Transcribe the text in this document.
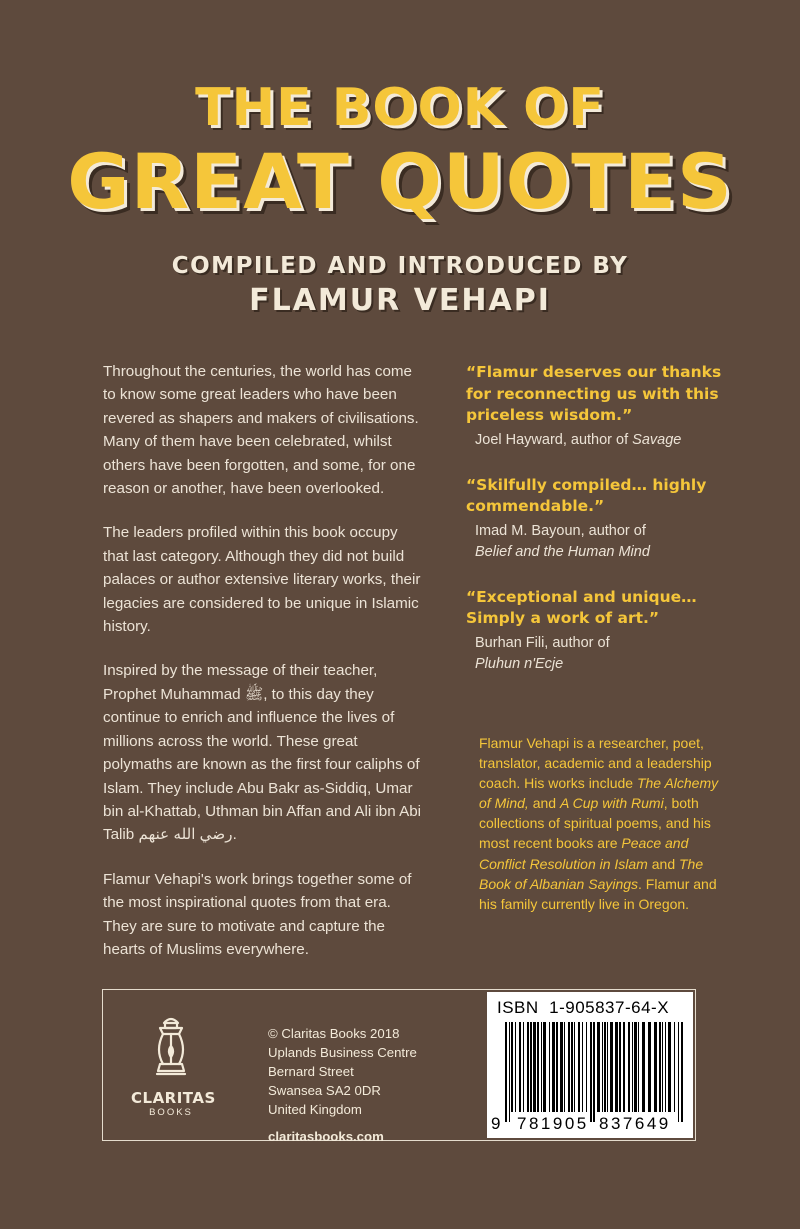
THE BOOK OF
GREAT QUOTES
COMPILED AND INTRODUCED BY
FLAMUR VEHAPI

Throughout the centuries, the world has come to know some great leaders who have been revered as shapers and makers of civilisations. Many of them have been celebrated, whilst others have been forgotten, and some, for one reason or another, have been overlooked.

The leaders profiled within this book occupy that last category. Although they did not build palaces or author extensive literary works, their legacies are considered to be unique in Islamic history.

Inspired by the message of their teacher, Prophet Muhammad ﷺ, to this day they continue to enrich and influence the lives of millions across the world. These great polymaths are known as the first four caliphs of Islam. They include Abu Bakr as-Siddiq, Umar bin al-Khattab, Uthman bin Affan and Ali ibn Abi Talib رضي الله عنهم.

Flamur Vehapi's work brings together some of the most inspirational quotes from that era. They are sure to motivate and capture the hearts of Muslims everywhere.

“Flamur deserves our thanks for reconnecting us with this priceless wisdom.”
Joel Hayward, author of Savage
“Skilfully compiled… highly commendable.”
Imad M. Bayoun, author of
Belief and the Human Mind
“Exceptional and unique… Simply a work of art.”
Burhan Fili, author of
Pluhun n'Ecje
Flamur Vehapi is a researcher, poet, translator, academic and a leadership coach. His works include The Alchemy of Mind, and A Cup with Rumi, both collections of spiritual poems, and his most recent books are Peace and Conflict Resolution in Islam and The Book of Albanian Sayings. Flamur and his family currently live in Oregon.
CLARITAS
BOOKS
© Claritas Books 2018
Uplands Business Centre
Bernard Street
Swansea SA2 0DR
United Kingdom
claritasbooks.com
ISBN  1-905837-64-X
9 781905 837649
